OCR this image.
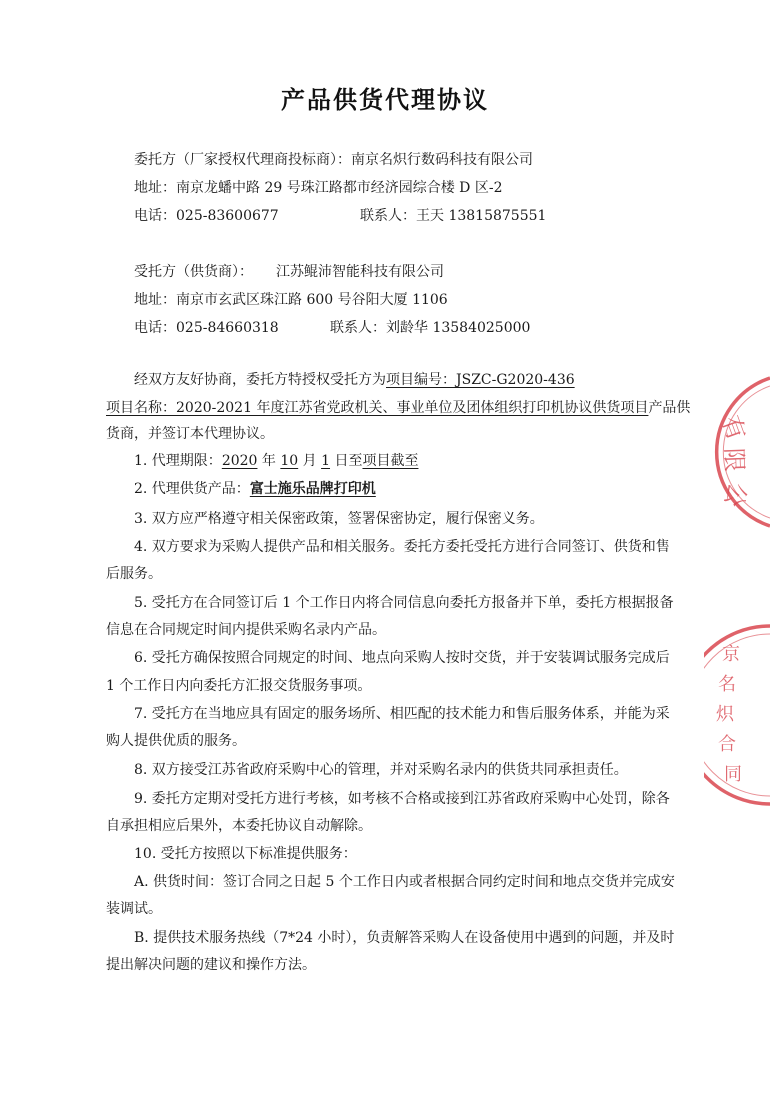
产品供货代理协议
委托方（厂家授权代理商投标商）：南京名炽行数码科技有限公司
地址：南京龙蟠中路 29 号珠江路都市经济园综合楼 D 区-2
电话：025-83600677	联系人：王天 13815875551
受托方（供货商）： 江苏鲲沛智能科技有限公司
地址：南京市玄武区珠江路 600 号谷阳大厦 1106
电话：025-84660318	联系人：刘龄华 13584025000
经双方友好协商，委托方特授权受托方为项目编号：JSZC-G2020-436
项目名称：2020-2021 年度江苏省党政机关、事业单位及团体组织打印机协议供货项目产品供
货商，并签订本代理协议。
1. 代理期限：2020 年 10 月 1 日至项目截至
2. 代理供货产品：富士施乐品牌打印机
3. 双方应严格遵守相关保密政策，签署保密协定，履行保密义务。
4. 双方要求为采购人提供产品和相关服务。委托方委托受托方进行合同签订、供货和售
后服务。
5. 受托方在合同签订后 1 个工作日内将合同信息向委托方报备并下单，委托方根据报备
信息在合同规定时间内提供采购名录内产品。
6. 受托方确保按照合同规定的时间、地点向采购人按时交货，并于安装调试服务完成后
1 个工作日内向委托方汇报交货服务事项。
7. 受托方在当地应具有固定的服务场所、相匹配的技术能力和售后服务体系，并能为采
购人提供优质的服务。
8. 双方接受江苏省政府采购中心的管理，并对采购名录内的供货共同承担责任。
9. 委托方定期对受托方进行考核，如考核不合格或接到江苏省政府采购中心处罚，除各
自承担相应后果外，本委托协议自动解除。
10. 受托方按照以下标准提供服务：
A. 供货时间：签订合同之日起 5 个工作日内或者根据合同约定时间和地点交货并完成安
装调试。
B. 提供技术服务热线（7*24 小时），负责解答采购人在设备使用中遇到的问题，并及时
提出解决问题的建议和操作方法。
有
限
公
京
名
炽
合
同
